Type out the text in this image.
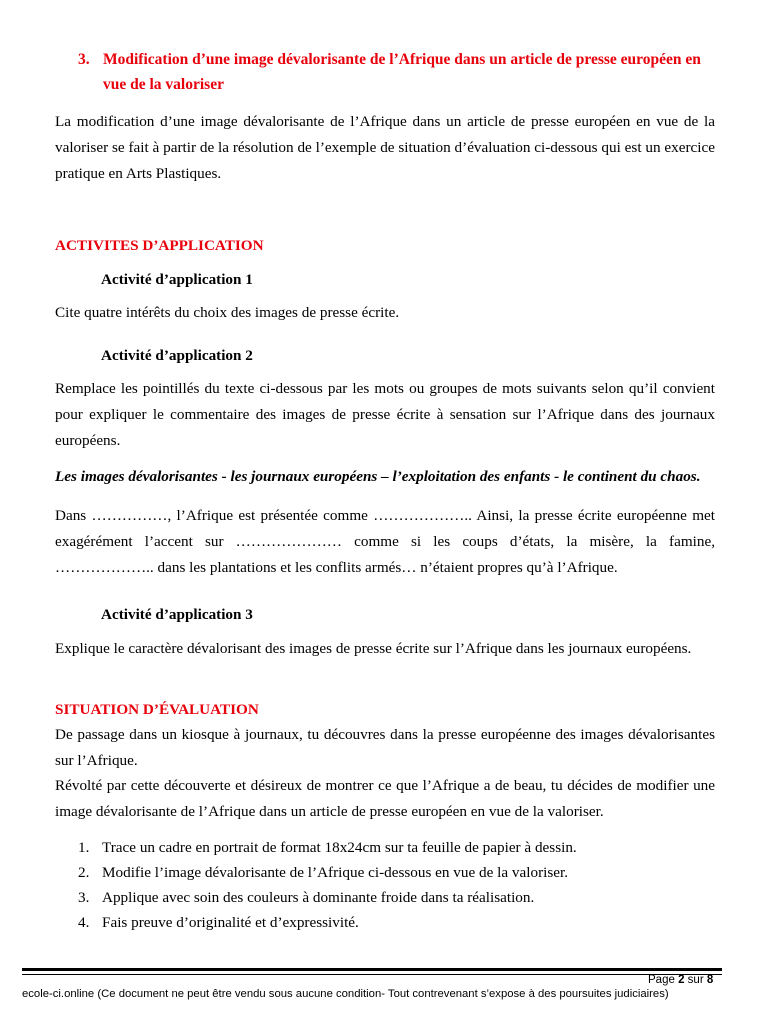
3. Modification d’une image dévalorisante de l’Afrique dans un article de presse européen en vue de la valoriser
La modification d’une image dévalorisante de l’Afrique dans un article de presse européen en vue de la valoriser se fait à partir de la résolution de l’exemple de situation d’évaluation ci-dessous qui est un exercice pratique en Arts Plastiques.
ACTIVITES D’APPLICATION
Activité d’application 1
Cite quatre intérêts du choix des images de presse écrite.
Activité d’application 2
Remplace les pointillés du texte ci-dessous par les mots ou groupes de mots suivants selon qu’il convient pour expliquer le commentaire des images de presse écrite à sensation sur l’Afrique dans des journaux européens.
Les images dévalorisantes - les journaux européens – l’exploitation des enfants - le continent du chaos.
Dans ……………, l’Afrique est présentée comme ……………….. Ainsi, la presse écrite européenne met exagérément l’accent sur ………………… comme si les coups d’états, la misère, la famine, ……………….. dans les plantations et les conflits armés… n’étaient propres qu’à l’Afrique.
Activité d’application 3
Explique le caractère dévalorisant des images de presse écrite sur l’Afrique dans les journaux européens.
SITUATION D’ÉVALUATION
De passage dans un kiosque à journaux, tu découvres dans la presse européenne des images dévalorisantes sur l’Afrique.
Révolté par cette découverte et désireux de montrer ce que l’Afrique a de beau, tu décides de modifier une image dévalorisante de l’Afrique dans un article de presse européen en vue de la valoriser.
1. Trace un cadre en portrait de format 18x24cm sur ta feuille de papier à dessin.
2. Modifie l’image dévalorisante de l’Afrique ci-dessous en vue de la valoriser.
3. Applique avec soin des couleurs à dominante froide dans ta réalisation.
4. Fais preuve d’originalité et d’expressivité.
Page 2 sur 8
ecole-ci.online (Ce document ne peut être vendu sous aucune condition- Tout contrevenant s’expose à des poursuites judiciaires)
